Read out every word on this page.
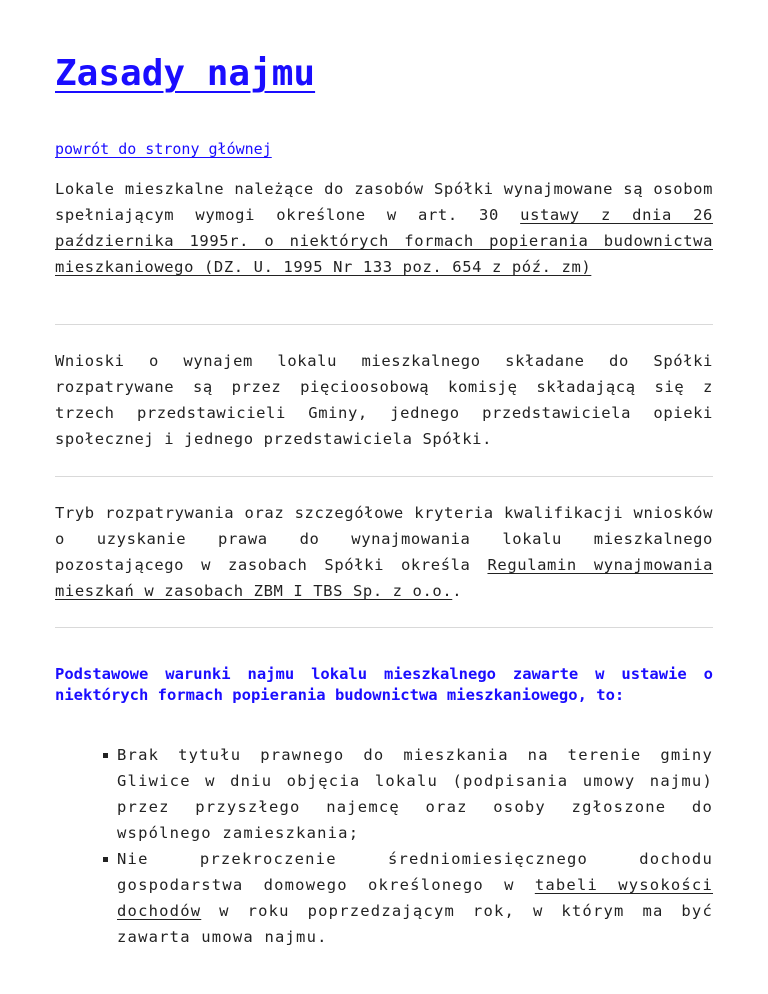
Zasady najmu
powrót do strony głównej

Lokale mieszkalne należące do zasobów Spółki wynajmowane są osobom spełniającym wymogi określone w art. 30 ustawy z dnia 26 października 1995r. o niektórych formach popierania budownictwa mieszkaniowego (DZ. U. 1995 Nr 133 poz. 654 z póź. zm)

Wnioski o wynajem lokalu mieszkalnego składane do Spółki rozpatrywane są przez pięcioosobową komisję składającą się z trzech przedstawicieli Gminy, jednego przedstawiciela opieki społecznej i jednego przedstawiciela Spółki.

Tryb rozpatrywania oraz szczegółowe kryteria kwalifikacji wniosków o uzyskanie prawa do wynajmowania lokalu mieszkalnego pozostającego w zasobach Spółki określa Regulamin wynajmowania mieszkań w zasobach ZBM I TBS Sp. z o.o..

Podstawowe warunki najmu lokalu mieszkalnego zawarte w ustawie o niektórych formach popierania budownictwa mieszkaniowego, to:
Brak tytułu prawnego do mieszkania na terenie gminy Gliwice w dniu objęcia lokalu (podpisania umowy najmu) przez przyszłego najemcę oraz osoby zgłoszone do wspólnego zamieszkania;
Nie przekroczenie średniomiesięcznego dochodu gospodarstwa domowego określonego w tabeli wysokości dochodów w roku poprzedzającym rok, w którym ma być zawarta umowa najmu.
